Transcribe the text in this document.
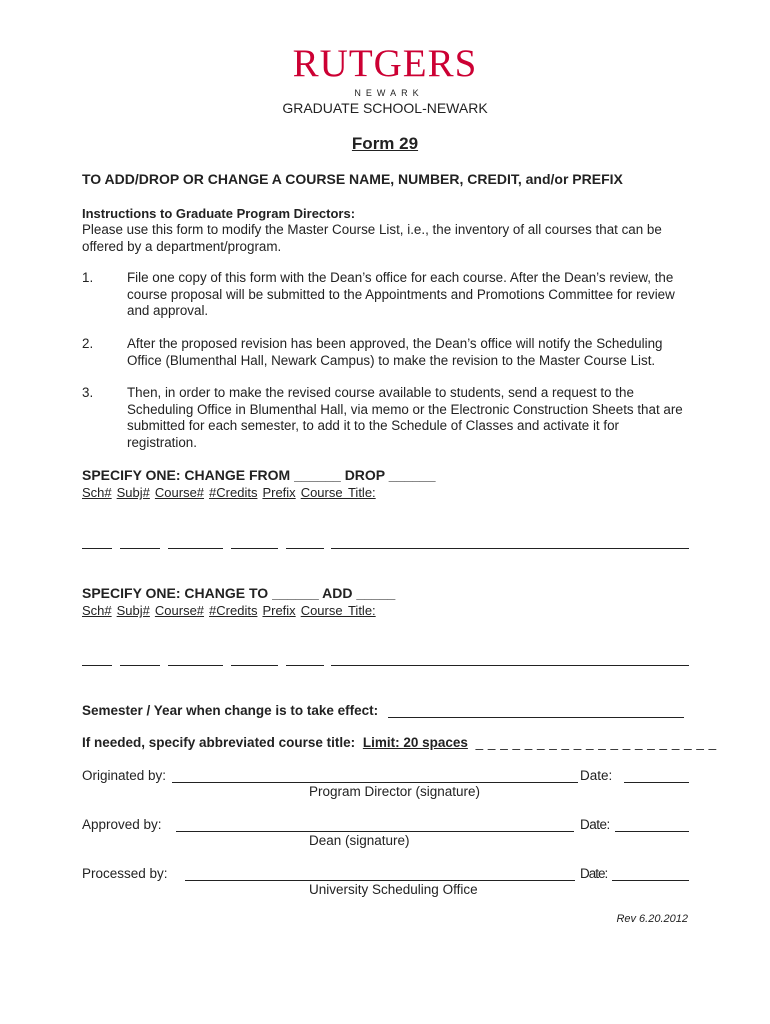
RUTGERS
NEWARK
GRADUATE SCHOOL-NEWARK
Form 29
TO ADD/DROP OR CHANGE A COURSE NAME, NUMBER, CREDIT, and/or PREFIX
Instructions to Graduate Program Directors:
Please use this form to modify the Master Course List, i.e., the inventory of all courses that can be offered by a department/program.
1.	File one copy of this form with the Dean’s office for each course. After the Dean’s review, the course proposal will be submitted to the Appointments and Promotions Committee for review and approval.
2.	After the proposed revision has been approved, the Dean’s office will notify the Scheduling Office (Blumenthal Hall, Newark Campus) to make the revision to the Master Course List.
3.	Then, in order to make the revised course available to students, send a request to the Scheduling Office in Blumenthal Hall, via memo or the Electronic Construction Sheets that are submitted for each semester, to add it to the Schedule of Classes and activate it for registration.
SPECIFY ONE: CHANGE FROM ______ DROP ______
Sch# Subj# Course# #Credits Prefix Course Title:
SPECIFY ONE: CHANGE TO ______ ADD _____
Sch# Subj# Course# #Credits Prefix Course Title:
Semester / Year when change is to take effect:
If needed, specify abbreviated course title: Limit: 20 spaces _ _ _ _ _ _ _ _ _ _ _ _ _ _ _ _ _ _ _ _
Originated by:	Date:
Program Director (signature)
Approved by:	Date:
Dean (signature)
Processed by:	Date:
University Scheduling Office
Rev 6.20.2012
